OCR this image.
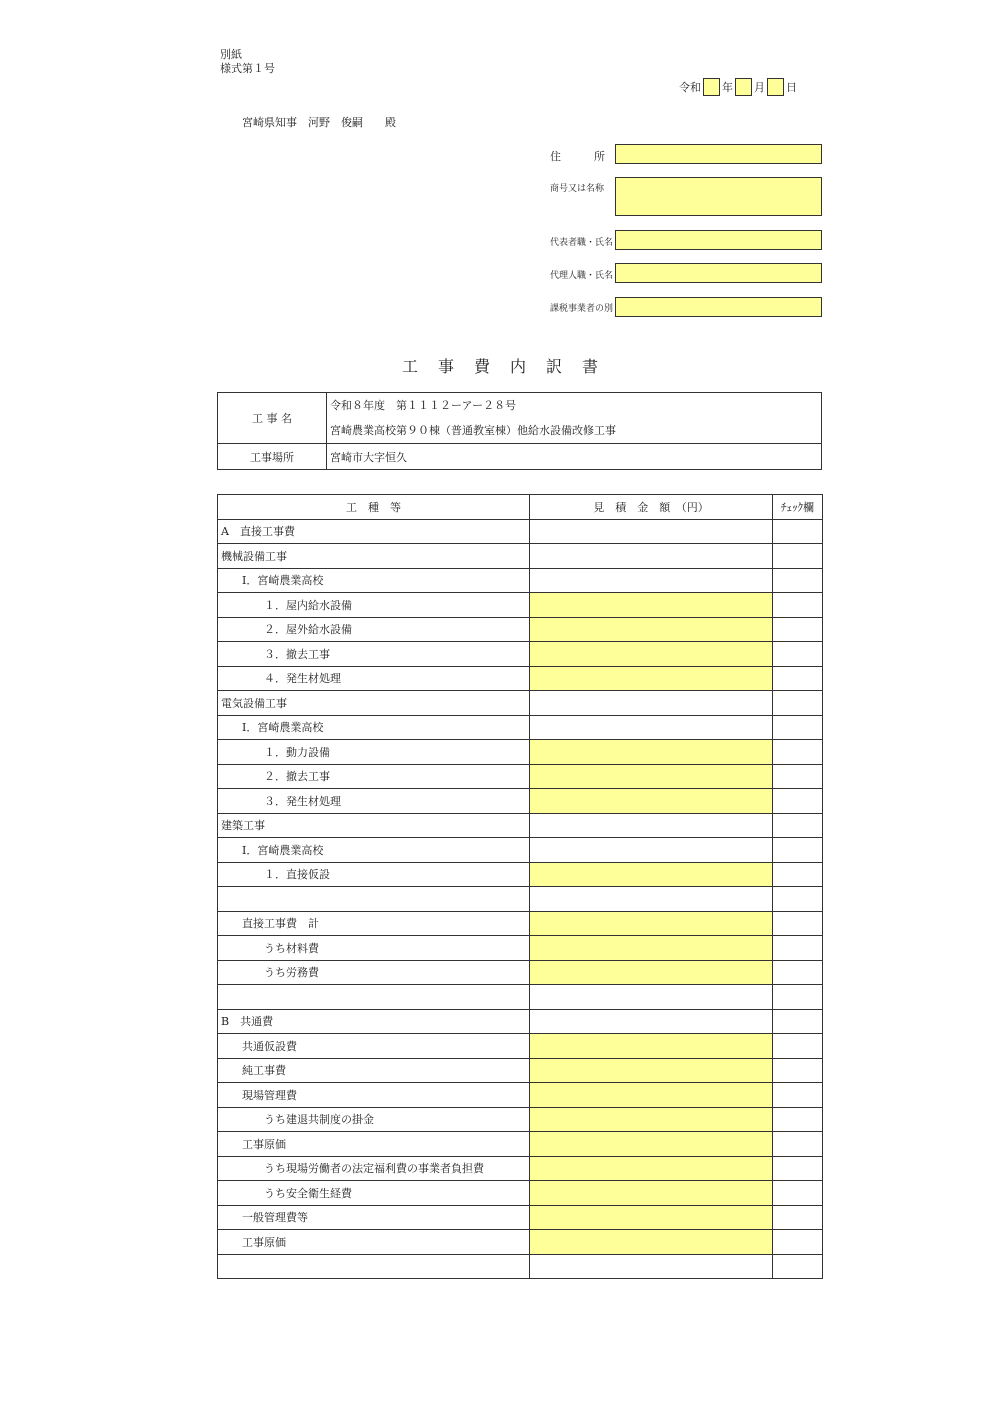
別紙
様式第１号
令和 年 月 日
宮崎県知事　河野　俊嗣　　殿
住　　　所
商号又は名称
代表者職・氏名
代理人職・氏名
課税事業者の別
工事費内訳書
工 事 名	令和８年度　第１１１２ーアー２８号
宮崎農業高校第９０棟（普通教室棟）他給水設備改修工事

工事場所	宮崎市大字恒久
工　種　等	見　積　金　額　（円）	ﾁｪｯｸ欄
A　直接工事費		
機械設備工事		
Ⅰ．宮崎農業高校		
１．屋内給水設備		
２．屋外給水設備		
３．撤去工事		
４．発生材処理		
電気設備工事		
Ⅰ．宮崎農業高校		
１．動力設備		
２．撤去工事		
３．発生材処理		
建築工事		
Ⅰ．宮崎農業高校		
１．直接仮設		

直接工事費　計		
うち材料費		
うち労務費		

B　共通費		
共通仮設費		
純工事費		
現場管理費		
うち建退共制度の掛金		
工事原価		
うち現場労働者の法定福利費の事業者負担費		
うち安全衛生経費		
一般管理費等		
工事原価		
